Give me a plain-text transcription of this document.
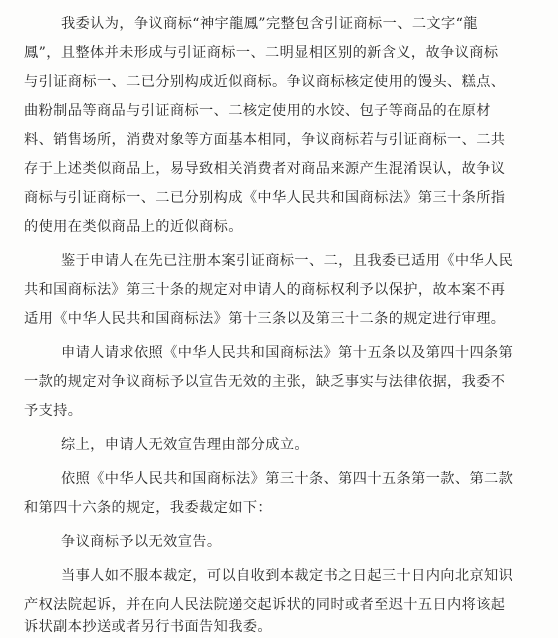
我委认为，争议商标“神宇龍鳳”完整包含引证商标一、二文字“龍
鳳”，且整体并未形成与引证商标一、二明显相区别的新含义，故争议商标
与引证商标一、二已分别构成近似商标。争议商标核定使用的馒头、糕点、
曲粉制品等商品与引证商标一、二核定使用的水饺、包子等商品的在原材
料、销售场所，消费对象等方面基本相同，争议商标若与引证商标一、二共
存于上述类似商品上，易导致相关消费者对商品来源产生混淆误认，故争议
商标与引证商标一、二已分别构成《中华人民共和国商标法》第三十条所指
的使用在类似商品上的近似商标。
鉴于申请人在先已注册本案引证商标一、二，且我委已适用《中华人民
共和国商标法》第三十条的规定对申请人的商标权利予以保护，故本案不再
适用《中华人民共和国商标法》第十三条以及第三十二条的规定进行审理。
申请人请求依照《中华人民共和国商标法》第十五条以及第四十四条第
一款的规定对争议商标予以宣告无效的主张，缺乏事实与法律依据，我委不
予支持。
综上，申请人无效宣告理由部分成立。
依照《中华人民共和国商标法》第三十条、第四十五条第一款、第二款
和第四十六条的规定，我委裁定如下：
争议商标予以无效宣告。
当事人如不服本裁定，可以自收到本裁定书之日起三十日内向北京知识
产权法院起诉，并在向人民法院递交起诉状的同时或者至迟十五日内将该起
诉状副本抄送或者另行书面告知我委。
